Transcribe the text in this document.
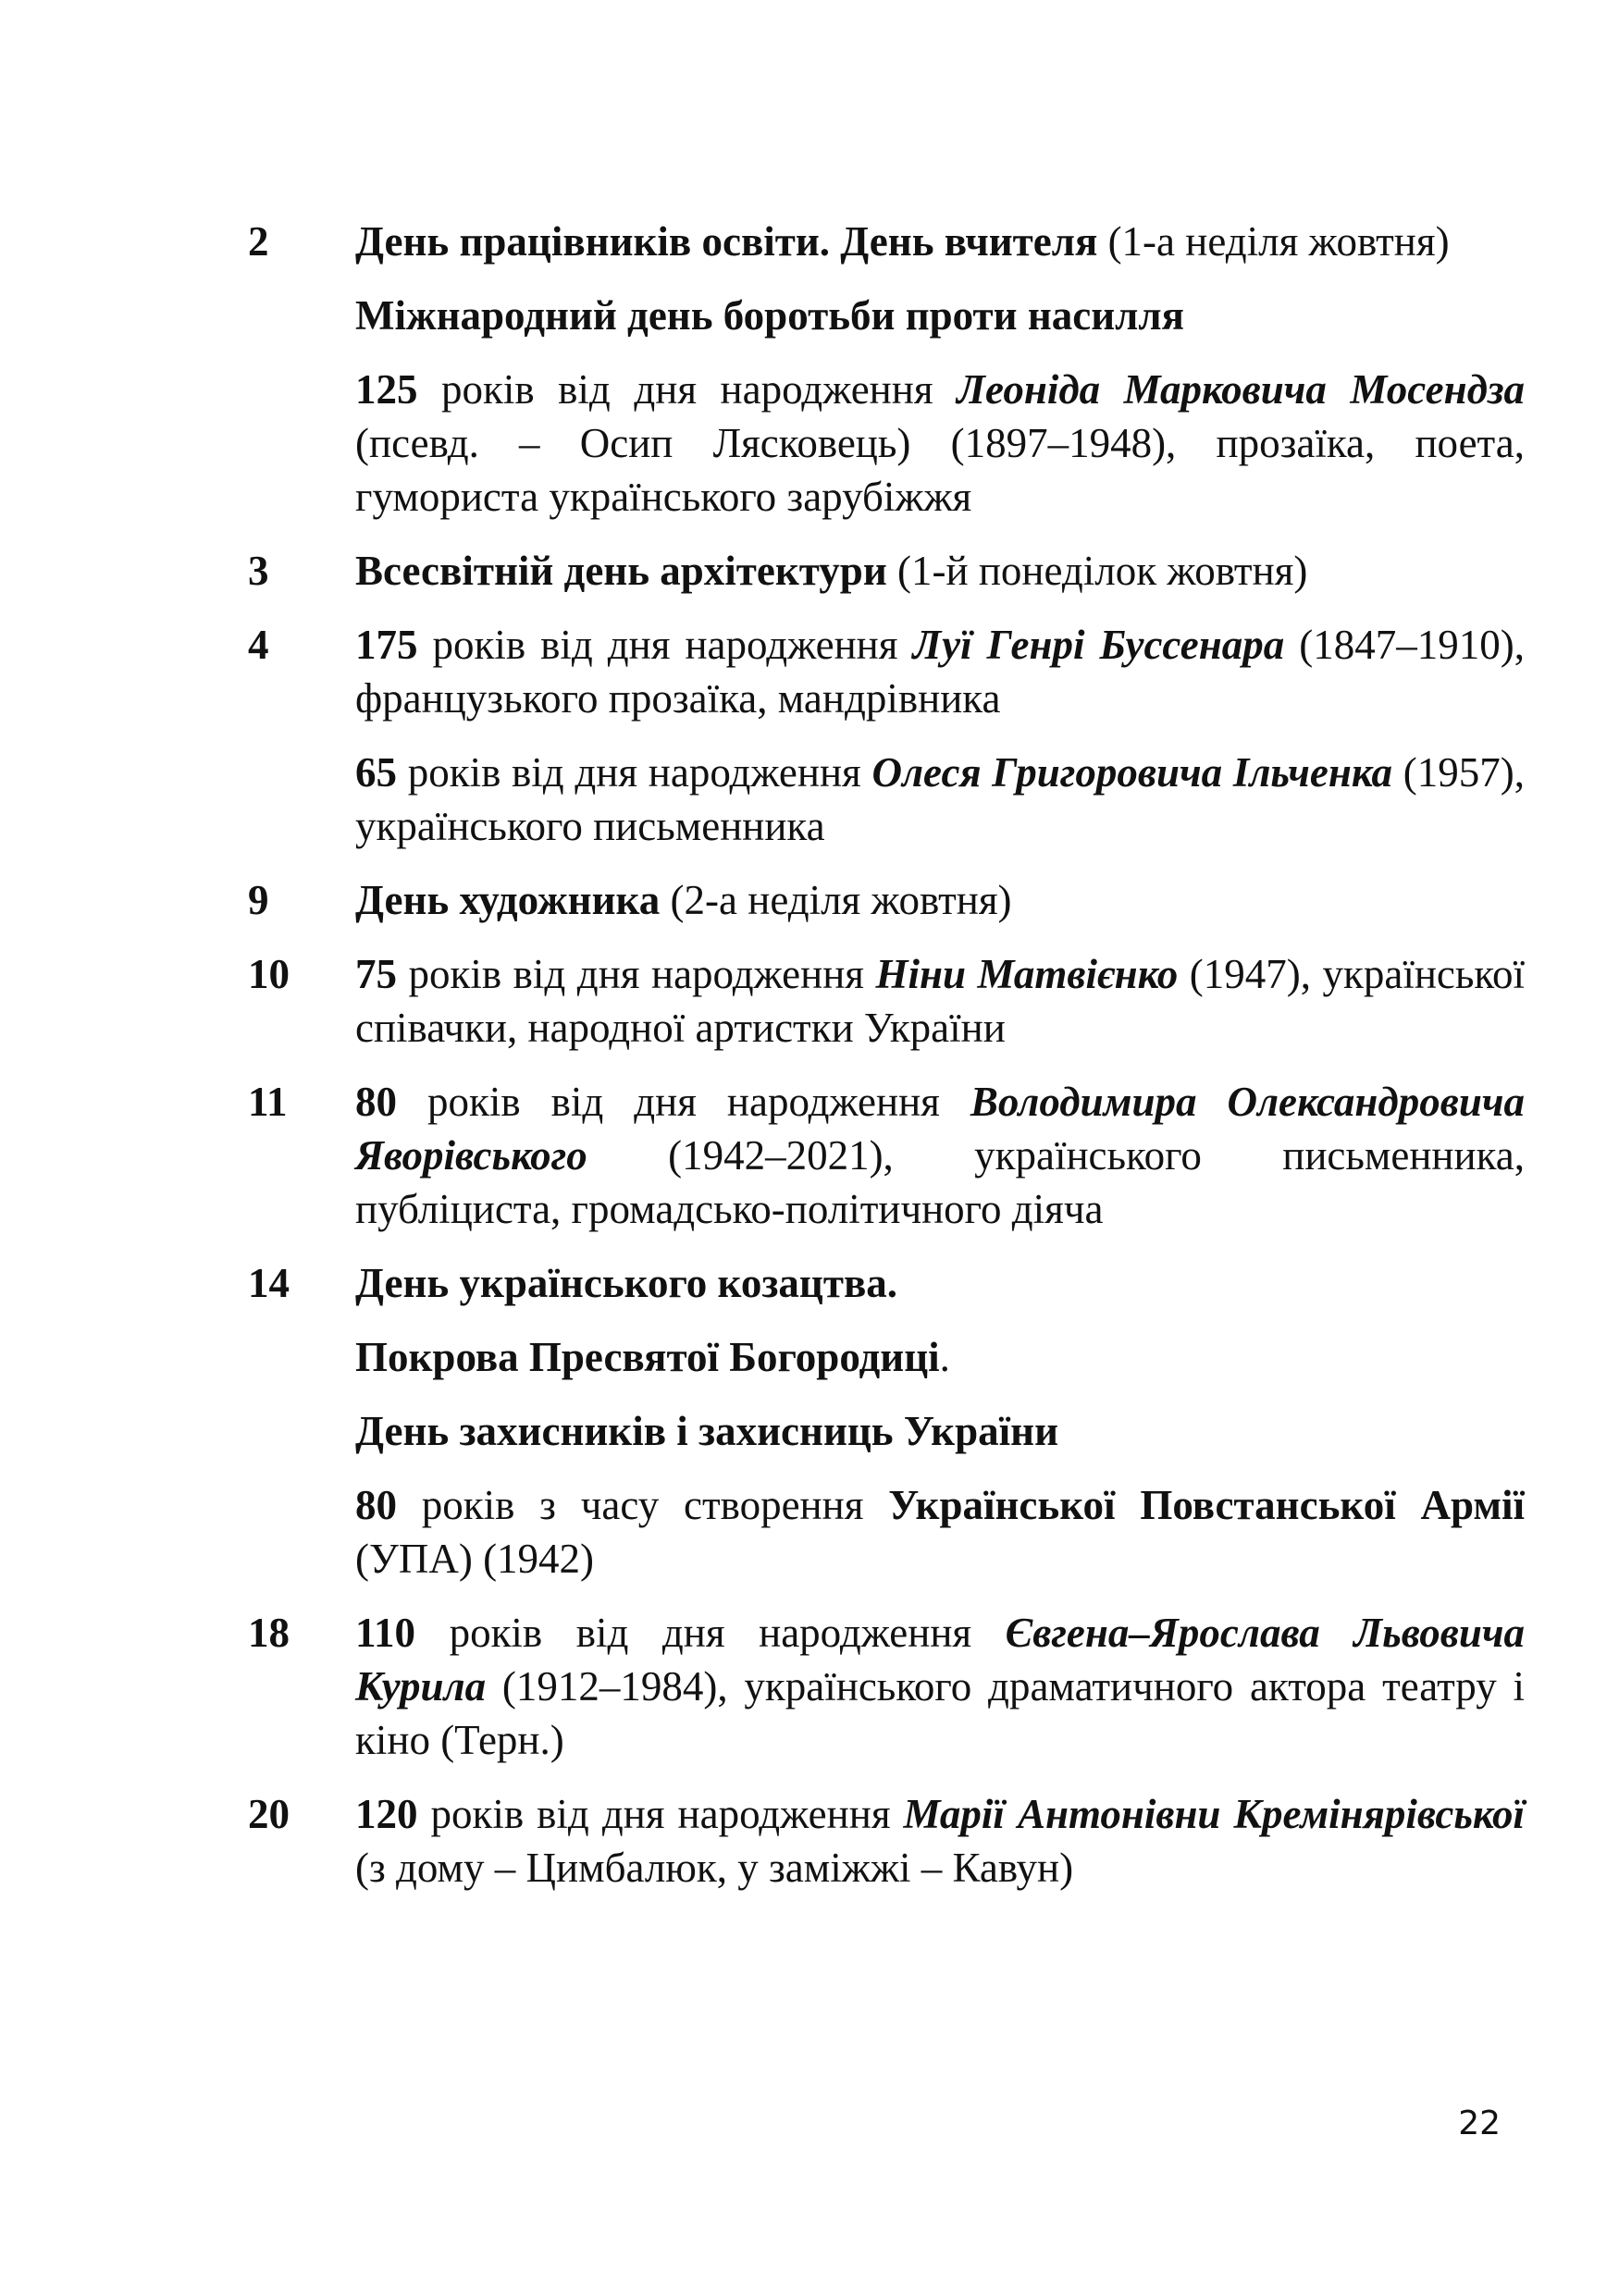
2	День працівників освіти. День вчителя (1-а неділя жовтня)
Міжнародний день боротьби проти насилля
125 років від дня народження Леоніда Марковича Мосендза (псевд. – Осип Лясковець) (1897–1948), прозаїка, поета, гумориста українського зарубіжжя
3	Всесвітній день архітектури (1-й понеділок жовтня)
4	175 років від дня народження Луї Генрі Буссенара (1847–1910), французького прозаїка, мандрівника
65 років від дня народження Олеся Григоровича Ільченка (1957), українського письменника
9	День художника (2-а неділя жовтня)
10	75 років від дня народження Ніни Матвієнко (1947), української співачки, народної артистки України
11	80 років від дня народження Володимира Олександровича Яворівського (1942–2021), українського письменника, публіциста, громадсько-політичного діяча
14	День українського козацтва.
Покрова Пресвятої Богородиці.
День захисників і захисниць України
80 років з часу створення Української Повстанської Армії (УПА) (1942)
18	110 років від дня народження Євгена–Ярослава Львовича Курила (1912–1984), українського драматичного актора театру і кіно (Терн.)
20	120 років від дня народження Марії Антонівни Кремінярівської (з дому – Цимбалюк, у заміжжі – Кавун)
22
